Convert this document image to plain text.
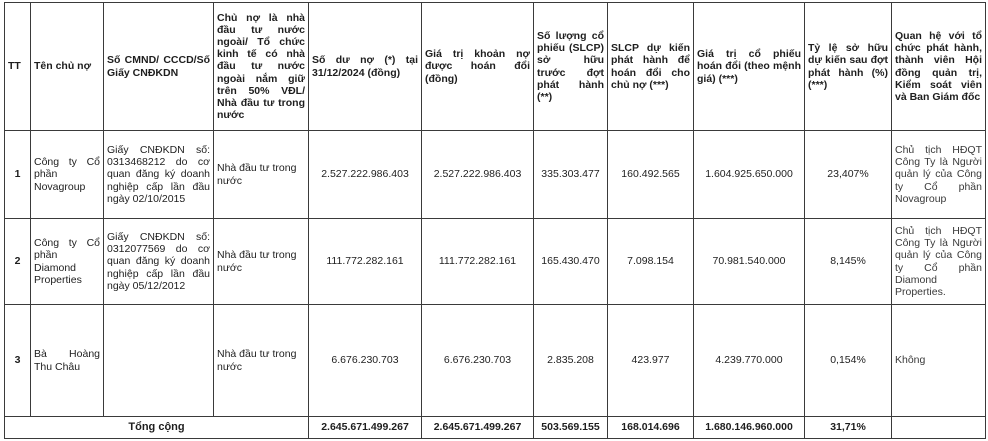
TT	Tên chủ nợ	Số CMND/ CCCD/Số Giấy CNĐKDN	Chủ nợ là nhà đầu tư nước ngoài/ Tổ chức kinh tế có nhà đầu tư nước ngoài nắm giữ trên 50% VĐL/ Nhà đầu tư trong nước	Số dư nợ (*) tại 31/12/2024 (đồng)	Giá trị khoản nợ được hoán đổi (đồng)	Số lượng cổ phiếu (SLCP) sở hữu trước đợt phát hành (**)	SLCP dự kiến phát hành để hoán đổi cho chủ nợ (***)	Giá trị cổ phiếu hoán đổi (theo mệnh giá) (***)	Tỷ lệ sở hữu dự kiến sau đợt phát hành (%) (***)	Quan hệ với tổ chức phát hành, thành viên Hội đồng quản trị, Kiểm soát viên và Ban Giám đốc
1	Công ty Cổ phần Novagroup	Giấy CNĐKDN số: 0313468212 do cơ quan đăng ký doanh nghiệp cấp lần đầu ngày 02/10/2015	Nhà đầu tư trong nước	2.527.222.986.403	2.527.222.986.403	335.303.477	160.492.565	1.604.925.650.000	23,407%	Chủ tịch HĐQT Công Ty là Người quản lý của Công ty Cổ phần Novagroup
2	Công ty Cổ phần Diamond Properties	Giấy CNĐKDN số: 0312077569 do cơ quan đăng ký doanh nghiệp cấp lần đầu ngày 05/12/2012	Nhà đầu tư trong nước	111.772.282.161	111.772.282.161	165.430.470	7.098.154	70.981.540.000	8,145%	Chủ tịch HĐQT Công Ty là Người quản lý của Công ty Cổ phần Diamond Properties.
3	Bà Hoàng Thu Châu		Nhà đầu tư trong nước	6.676.230.703	6.676.230.703	2.835.208	423.977	4.239.770.000	0,154%	Không
Tổng cộng				2.645.671.499.267	2.645.671.499.267	503.569.155	168.014.696	1.680.146.960.000	31,71%	
